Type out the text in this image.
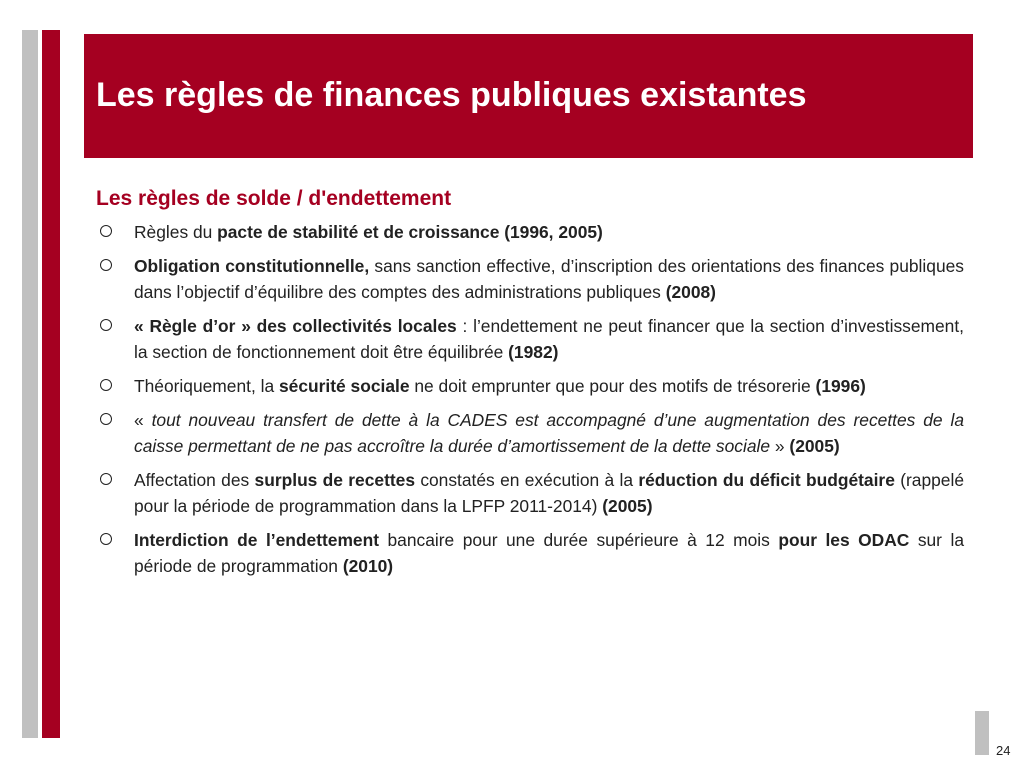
Les règles de finances publiques existantes
Les règles de solde / d'endettement
Règles du pacte de stabilité et de croissance (1996, 2005)
Obligation constitutionnelle, sans sanction effective, d’inscription des orientations des finances publiques dans l’objectif d’équilibre des comptes des administrations publiques (2008)
« Règle d’or » des collectivités locales : l’endettement ne peut financer que la section d’investissement, la section de fonctionnement doit être équilibrée (1982)
Théoriquement, la sécurité sociale ne doit emprunter que pour des motifs de trésorerie (1996)
« tout nouveau transfert de dette à la CADES est accompagné d’une augmentation des recettes de la caisse permettant de ne pas accroître la durée d’amortissement de la dette sociale » (2005)
Affectation des surplus de recettes constatés en exécution à la réduction du déficit budgétaire (rappelé pour la période de programmation dans la LPFP 2011-2014) (2005)
Interdiction de l’endettement bancaire pour une durée supérieure à 12 mois pour les ODAC sur la période de programmation (2010)
24
